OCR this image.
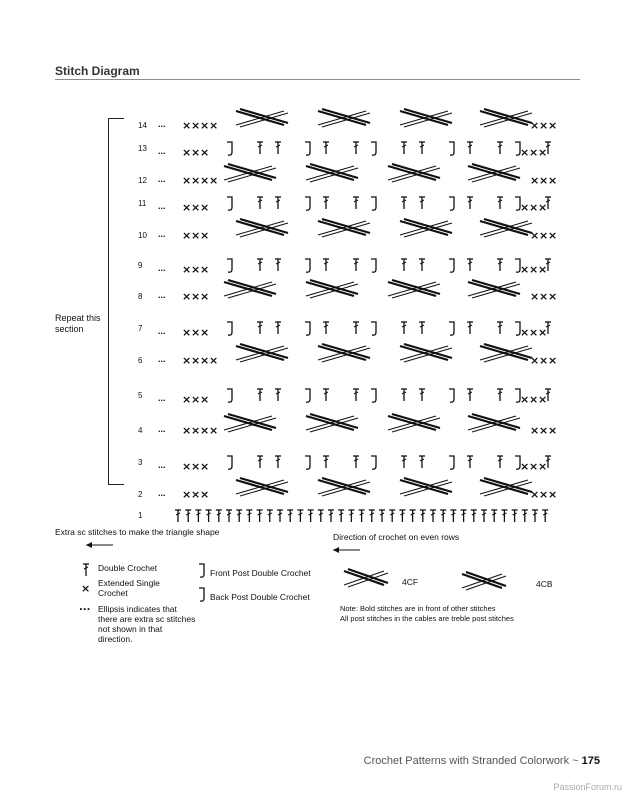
Stitch Diagram
Repeat this section
14	...
13	...
12	...
11	...
10	...
9	...
8	...
7	...
6	...
5	...
4	...
3	...
2	...
1
× × × ×	× × ×
× × ×	× × ×
× × × ×	× × ×
× × ×	× × ×
× × ×	× × ×
× × ×	× × ×
× × ×	× × ×
× × ×	× × ×
× × × ×	× × ×
× × ×	× × ×
× × × ×	× × ×
× × ×	× × ×
× × ×	× × ×
×
...
Extra sc stitches to make the triangle shape	Direction of crochet on even rows
Double Crochet
Extended Single Crochet
Ellipsis indicates that there are extra sc stitches not shown in that direction.
Front Post Double Crochet
Back Post Double Crochet
4CF	4CB
Note: Bold stitches are in front of other stitches
All post stitches in the cables are treble post stitches
Crochet Patterns with Stranded Colorwork ~ 175
PassionForum.ru
